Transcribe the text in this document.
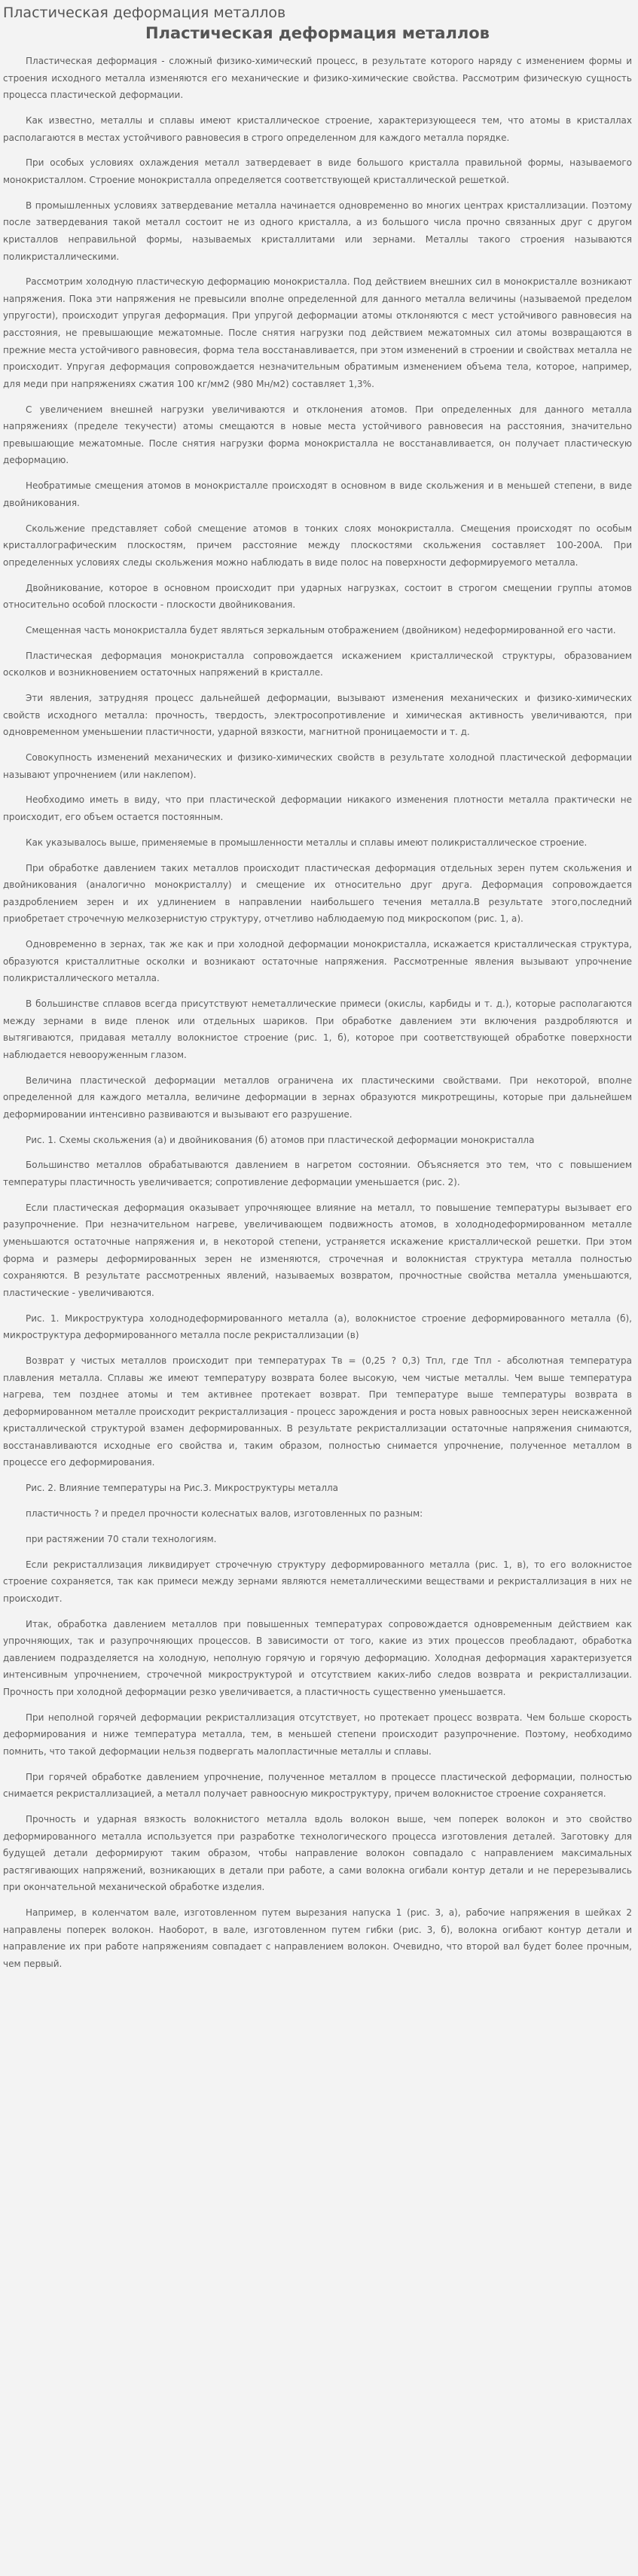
Пластическая деформация металлов
Пластическая деформация металлов

Пластическая деформация - сложный физико-химический процесс, в результате которого наряду с изменением формы и строения исходного металла изменяются его механические и физико-химические свойства. Рассмотрим физическую сущность процесса пластической деформации.

Как известно, металлы и сплавы имеют кристаллическое строение, характеризующееся тем, что атомы в кристаллах располагаются в местах устойчивого равновесия в строго определенном для каждого металла порядке.

При особых условиях охлаждения металл затвердевает в виде большого кристалла правильной формы, называемого монокристаллом. Строение монокристалла определяется соответствующей кристаллической решеткой.

В промышленных условиях затвердевание металла начинается одновременно во многих центрах кристаллизации. Поэтому после затвердевания такой металл состоит не из одного кристалла, а из большого числа прочно связанных друг с другом кристаллов неправильной формы, называемых кристаллитами или зернами. Металлы такого строения называются поликристаллическими.

Рассмотрим холодную пластическую деформацию монокристалла. Под действием внешних сил в монокристалле возникают напряжения. Пока эти напряжения не превысили вполне определенной для данного металла величины (называемой пределом упругости), происходит упругая деформация. При упругой деформации атомы отклоняются с мест устойчивого равновесия на расстояния, не превышающие межатомные. После снятия нагрузки под действием межатомных сил атомы возвращаются в прежние места устойчивого равновесия, форма тела восстанавливается, при этом изменений в строении и свойствах металла не происходит. Упругая деформация сопровождается незначительным обратимым изменением объема тела, которое, например, для меди при напряжениях сжатия 100 кг/мм2 (980 Мн/м2) составляет 1,3%.

С увеличением внешней нагрузки увеличиваются и отклонения атомов. При определенных для данного металла напряжениях (пределе текучести) атомы смещаются в новые места устойчивого равновесия на расстояния, значительно превышающие межатомные. После снятия нагрузки форма монокристалла не восстанавливается, он получает пластическую деформацию.

Необратимые смещения атомов в монокристалле происходят в основном в виде скольжения и в меньшей степени, в виде двойникования.

Скольжение представляет собой смещение атомов в тонких слоях монокристалла. Смещения происходят по особым кристаллографическим плоскостям, причем расстояние между плоскостями скольжения составляет 100-200А. При определенных условиях следы скольжения можно наблюдать в виде полос на поверхности деформируемого металла.

Двойникование, которое в основном происходит при ударных нагрузках, состоит в строгом смещении группы атомов относительно особой плоскости - плоскости двойникования.

Смещенная часть монокристалла будет являться зеркальным отображением (двойником) недеформированной его части.

Пластическая деформация монокристалла сопровождается искажением кристаллической структуры, образованием осколков и возникновением остаточных напряжений в кристалле.

Эти явления, затрудняя процесс дальнейшей деформации, вызывают изменения механических и физико-химических свойств исходного металла: прочность, твердость, электросопротивление и химическая активность увеличиваются, при одновременном уменьшении пластичности, ударной вязкости, магнитной проницаемости и т. д.

Совокупность изменений механических и физико-химических свойств в результате холодной пластической деформации называют упрочнением (или наклепом).

Необходимо иметь в виду, что при пластической деформации никакого изменения плотности металла практически не происходит, его объем остается постоянным.

Как указывалось выше, применяемые в промышленности металлы и сплавы имеют поликристаллическое строение.

При обработке давлением таких металлов происходит пластическая деформация отдельных зерен путем скольжения и двойникования (аналогично монокристаллу) и смещение их относительно друг друга. Деформация сопровождается раздроблением зерен и их удлинением в направлении наибольшего течения металла.В результате этого,последний приобретает строчечную мелкозернистую структуру, отчетливо наблюдаемую под микроскопом (рис. 1, а).

Одновременно в зернах, так же как и при холодной деформации монокристалла, искажается кристаллическая структура, образуются кристаллитные осколки и возникают остаточные напряжения. Рассмотренные явления вызывают упрочнение поликристаллического металла.

В большинстве сплавов всегда присутствуют неметаллические примеси (окислы, карбиды и т. д.), которые располагаются между зернами в виде пленок или отдельных шариков. При обработке давлением эти включения раздробляются и вытягиваются, придавая металлу волокнистое строение (рис. 1, б), которое при соответствующей обработке поверхности наблюдается невооруженным глазом.

Величина пластической деформации металлов ограничена их пластическими свойствами. При некоторой, вполне определенной для каждого металла, величине деформации в зернах образуются микротрещины, которые при дальнейшем деформировании интенсивно развиваются и вызывают его разрушение.

Рис. 1. Схемы скольжения (а) и двойникования (б) атомов при пластической деформации монокристалла

Большинство металлов обрабатываются давлением в нагретом состоянии. Объясняется это тем, что с повышением температуры пластичность увеличивается; сопротивление деформации уменьшается (рис. 2).

Если пластическая деформация оказывает упрочняющее влияние на металл, то повышение температуры вызывает его разупрочнение. При незначительном нагреве, увеличивающем подвижность атомов, в холоднодеформированном металле уменьшаются остаточные напряжения и, в некоторой степени, устраняется искажение кристаллической решетки. При этом форма и размеры деформированных зерен не изменяются, строчечная и волокнистая структура металла полностью сохраняются. В результате рассмотренных явлений, называемых возвратом, прочностные свойства металла уменьшаются, пластические - увеличиваются.

Рис. 1. Микроструктура холоднодеформированного металла (а), волокнистое строение деформированного металла (б), микроструктура деформированного металла после рекристаллизации (в)

Возврат у чистых металлов происходит при температурах Тв = (0,25 ? 0,3) Тпл, где Тпл - абсолютная температура плавления металла. Сплавы же имеют температуру возврата более высокую, чем чистые металлы. Чем выше температура нагрева, тем позднее атомы и тем активнее протекает возврат. При температуре выше температуры возврата в деформированном металле происходит рекристаллизация - процесс зарождения и роста новых равноосных зерен неискаженной кристаллической структурой взамен деформированных. В результате рекристаллизации остаточные напряжения снимаются, восстанавливаются исходные его свойства и, таким образом, полностью снимается упрочнение, полученное металлом в процессе его деформирования.

Рис. 2. Влияние температуры на Рис.3. Микроструктуры металла

пластичность ? и предел прочности колеснатых валов, изготовленных по разным:

при растяжении 70 стали технологиям.

Если рекристаллизация ликвидирует строчечную структуру деформированного металла (рис. 1, в), то его волокнистое строение сохраняется, так как примеси между зернами являются неметаллическими веществами и рекристаллизация в них не происходит.

Итак, обработка давлением металлов при повышенных температурах сопровождается одновременным действием как упрочняющих, так и разупрочняющих процессов. В зависимости от того, какие из этих процессов преобладают, обработка давлением подразделяется на холодную, неполную горячую и горячую деформацию. Холодная деформация характеризуется интенсивным упрочнением, строчечной микроструктурой и отсутствием каких-либо следов возврата и рекристаллизации. Прочность при холодной деформации резко увеличивается, а пластичность существенно уменьшается.

При неполной горячей деформации рекристаллизация отсутствует, но протекает процесс возврата. Чем больше скорость деформирования и ниже температура металла, тем, в меньшей степени происходит разупрочнение. Поэтому, необходимо помнить, что такой деформации нельзя подвергать малопластичные металлы и сплавы.

При горячей обработке давлением упрочнение, полученное металлом в процессе пластической деформации, полностью снимается рекристаллизацией, а металл получает равноосную микроструктуру, причем волокнистое строение сохраняется.

Прочность и ударная вязкость волокнистого металла вдоль волокон выше, чем поперек волокон и это свойство деформированного металла используется при разработке технологического процесса изготовления деталей. Заготовку для будущей детали деформируют таким образом, чтобы направление волокон совпадало с направлением максимальных растягивающих напряжений, возникающих в детали при работе, а сами волокна огибали контур детали и не перерезывались при окончательной механической обработке изделия.

Например, в коленчатом вале, изготовленном путем вырезания напуска 1 (рис. 3, а), рабочие напряжения в шейках 2 направлены поперек волокон. Наоборот, в вале, изготовленном путем гибки (рис. 3, б), волокна огибают контур детали и направление их при работе напряжениям совпадает с направлением волокон. Очевидно, что второй вал будет более прочным, чем первый.
